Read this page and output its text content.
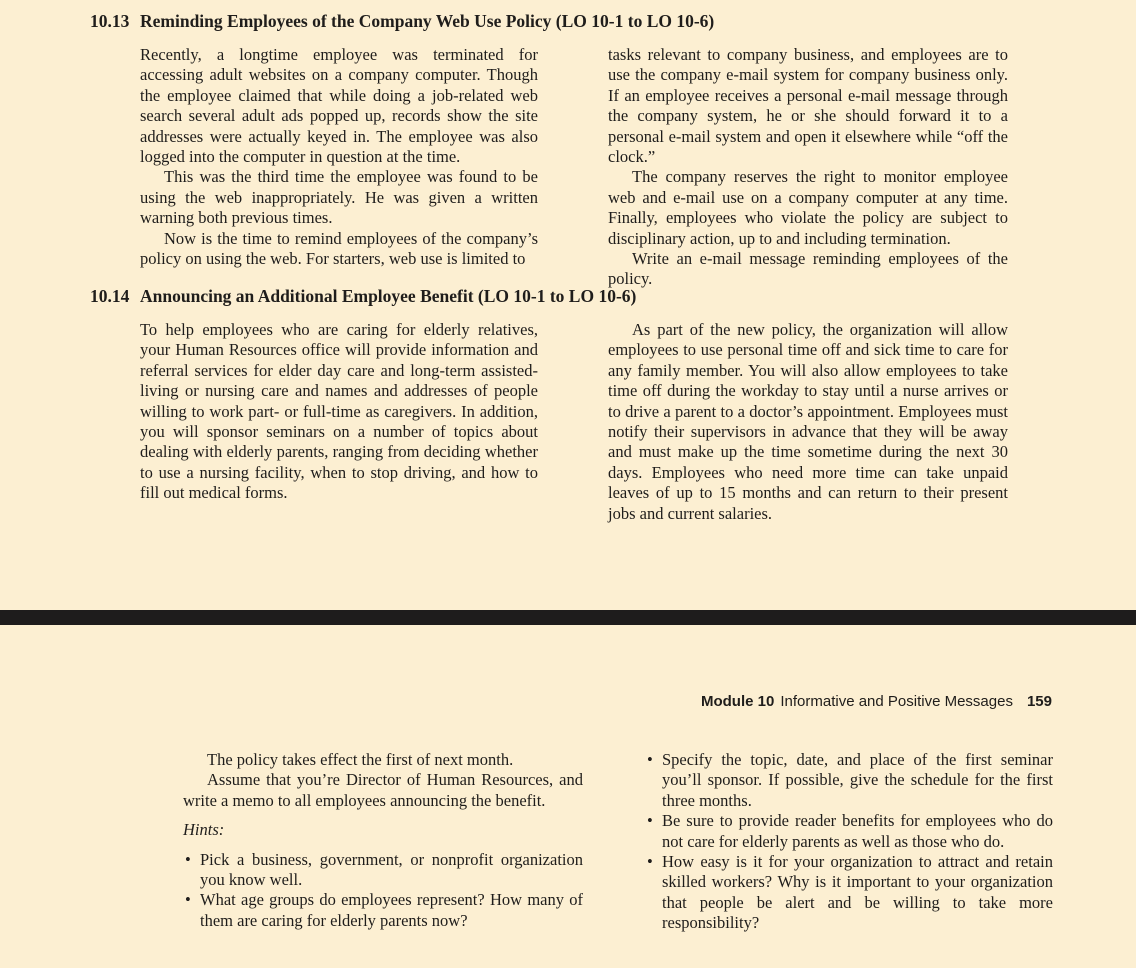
10.13 Reminding Employees of the Company Web Use Policy (LO 10-1 to LO 10-6)

Recently, a longtime employee was terminated for accessing adult websites on a company computer. Though the employee claimed that while doing a job-related web search several adult ads popped up, records show the site addresses were actually keyed in. The employee was also logged into the computer in question at the time.

This was the third time the employee was found to be using the web inappropriately. He was given a written warning both previous times.

Now is the time to remind employees of the company’s policy on using the web. For starters, web use is limited to

tasks relevant to company business, and employees are to use the company e-mail system for company business only. If an employee receives a personal e-mail message through the company system, he or she should forward it to a personal e-mail system and open it elsewhere while “off the clock.”

The company reserves the right to monitor employee web and e-mail use on a company computer at any time. Finally, employees who violate the policy are subject to disciplinary action, up to and including termination.

Write an e-mail message reminding employees of the policy.

10.14 Announcing an Additional Employee Benefit (LO 10-1 to LO 10-6)

To help employees who are caring for elderly relatives, your Human Resources office will provide information and referral services for elder day care and long-term assisted-living or nursing care and names and addresses of people willing to work part- or full-time as caregivers. In addition, you will sponsor seminars on a number of topics about dealing with elderly parents, ranging from deciding whether to use a nursing facility, when to stop driving, and how to fill out medical forms.

As part of the new policy, the organization will allow employees to use personal time off and sick time to care for any family member. You will also allow employees to take time off during the workday to stay until a nurse arrives or to drive a parent to a doctor’s appointment. Employees must notify their supervisors in advance that they will be away and must make up the time sometime during the next 30 days. Employees who need more time can take unpaid leaves of up to 15 months and can return to their present jobs and current salaries.

Module 10 Informative and Positive Messages 159

The policy takes effect the first of next month.

Assume that you’re Director of Human Resources, and write a memo to all employees announcing the benefit.

Hints:

• Pick a business, government, or nonprofit organization you know well.

• What age groups do employees represent? How many of them are caring for elderly parents now?

• Specify the topic, date, and place of the first seminar you’ll sponsor. If possible, give the schedule for the first three months.

• Be sure to provide reader benefits for employees who do not care for elderly parents as well as those who do.

• How easy is it for your organization to attract and retain skilled workers? Why is it important to your organization that people be alert and be willing to take more responsibility?
